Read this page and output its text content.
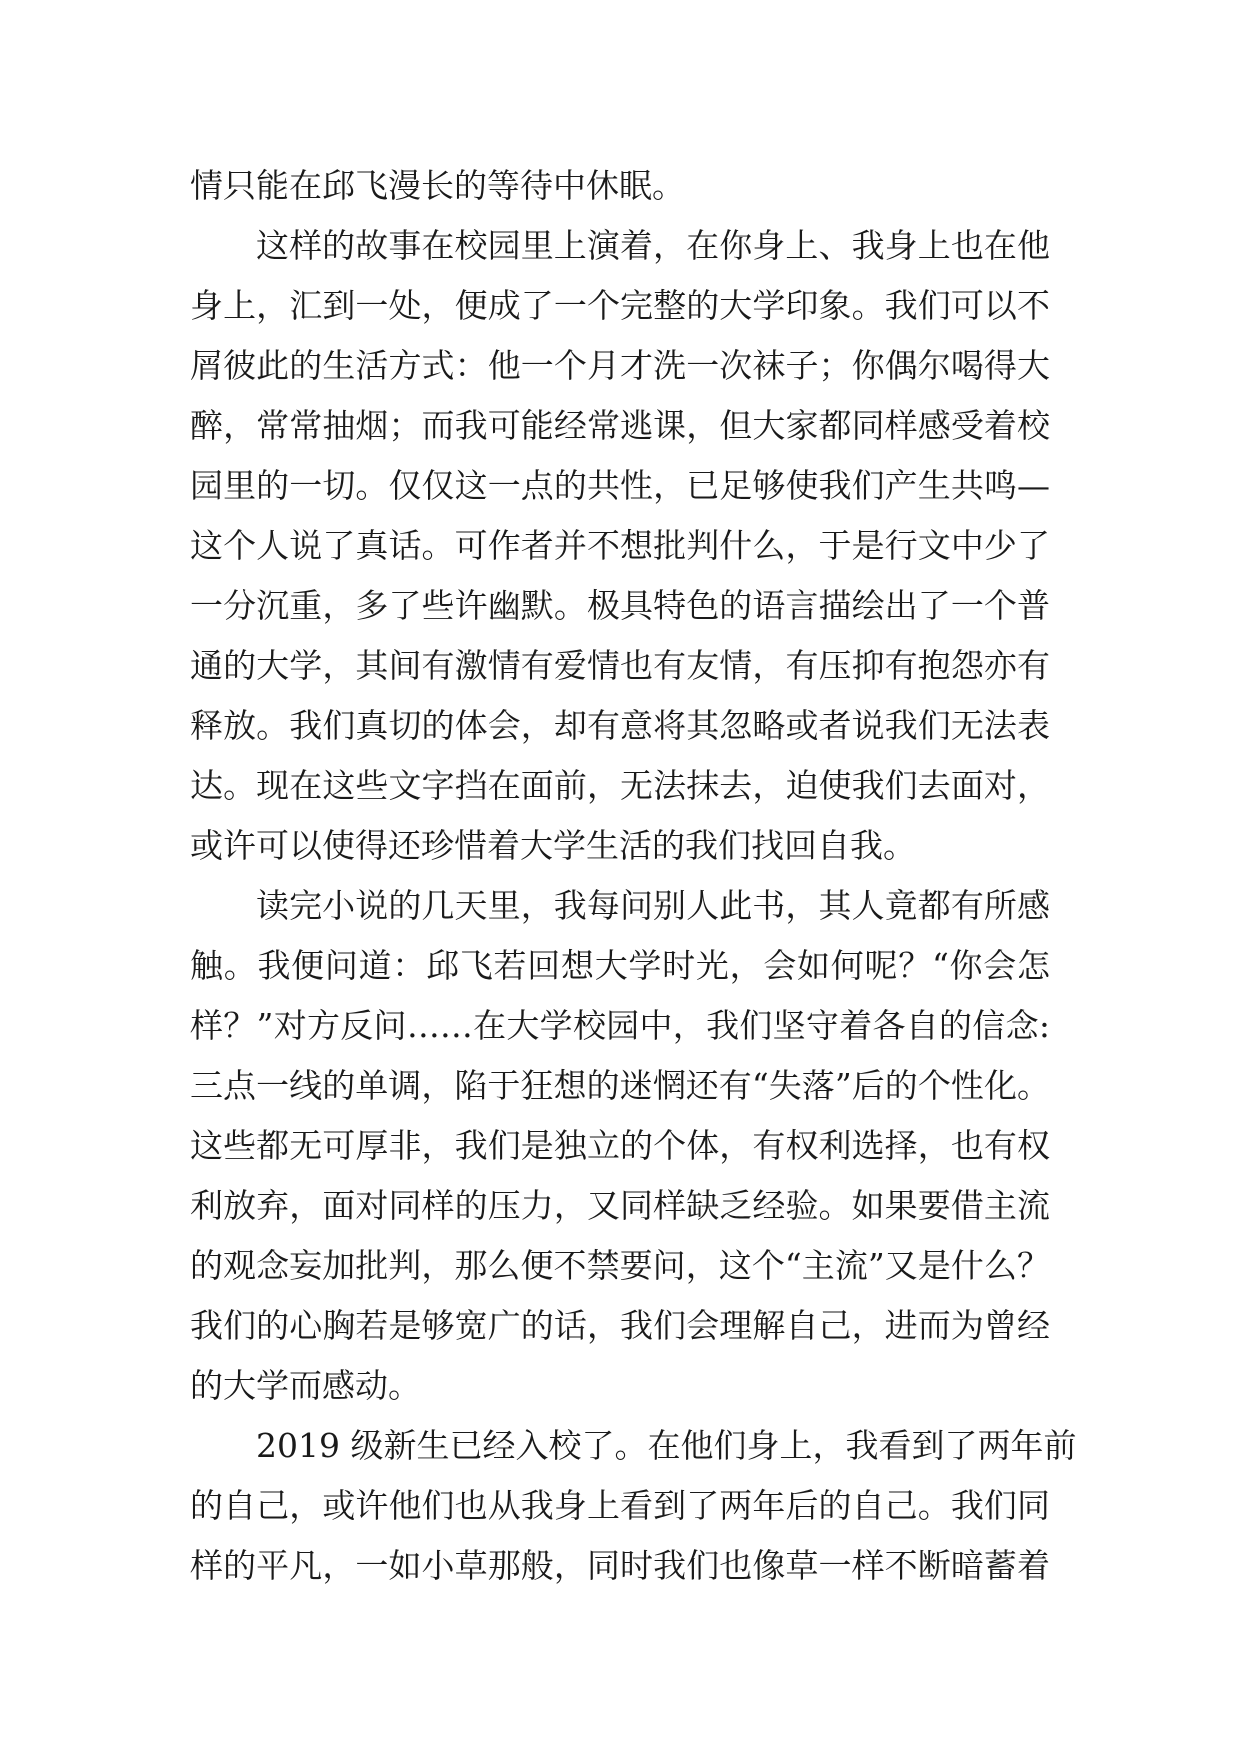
情只能在邱飞漫长的等待中休眠。
这样的故事在校园里上演着，在你身上、我身上也在他
身上，汇到一处，便成了一个完整的大学印象。我们可以不
屑彼此的生活方式：他一个月才洗一次袜子；你偶尔喝得大
醉，常常抽烟；而我可能经常逃课，但大家都同样感受着校
园里的一切。仅仅这一点的共性，已足够使我们产生共鸣—
这个人说了真话。可作者并不想批判什么，于是行文中少了
一分沉重，多了些许幽默。极具特色的语言描绘出了一个普
通的大学，其间有激情有爱情也有友情，有压抑有抱怨亦有
释放。我们真切的体会，却有意将其忽略或者说我们无法表
达。现在这些文字挡在面前，无法抹去，迫使我们去面对，
或许可以使得还珍惜着大学生活的我们找回自我。
读完小说的几天里，我每问别人此书，其人竟都有所感
触。我便问道：邱飞若回想大学时光，会如何呢？“你会怎
样？”对方反问……在大学校园中，我们坚守着各自的信念:
三点一线的单调，陷于狂想的迷惘还有“失落”后的个性化。
这些都无可厚非，我们是独立的个体，有权利选择，也有权
利放弃，面对同样的压力，又同样缺乏经验。如果要借主流
的观念妄加批判，那么便不禁要问，这个“主流”又是什么？
我们的心胸若是够宽广的话，我们会理解自己，进而为曾经
的大学而感动。
2019 级新生已经入校了。在他们身上，我看到了两年前
的自己，或许他们也从我身上看到了两年后的自己。我们同
样的平凡，一如小草那般，同时我们也像草一样不断暗蓄着
